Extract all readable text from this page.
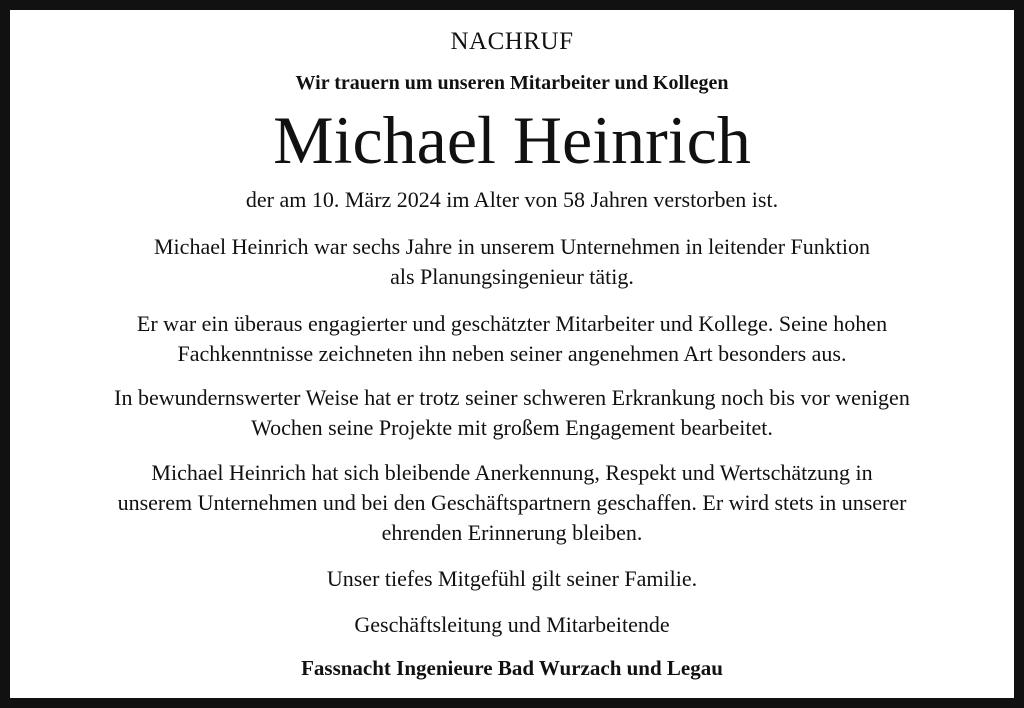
NACHRUF
Wir trauern um unseren Mitarbeiter und Kollegen
Michael Heinrich
der am 10. März 2024 im Alter von 58 Jahren verstorben ist.
Michael Heinrich war sechs Jahre in unserem Unternehmen in leitender Funktion
als Planungsingenieur tätig.
Er war ein überaus engagierter und geschätzter Mitarbeiter und Kollege. Seine hohen
Fachkenntnisse zeichneten ihn neben seiner angenehmen Art besonders aus.
In bewundernswerter Weise hat er trotz seiner schweren Erkrankung noch bis vor wenigen
Wochen seine Projekte mit großem Engagement bearbeitet.
Michael Heinrich hat sich bleibende Anerkennung, Respekt und Wertschätzung in
unserem Unternehmen und bei den Geschäftspartnern geschaffen. Er wird stets in unserer
ehrenden Erinnerung bleiben.
Unser tiefes Mitgefühl gilt seiner Familie.
Geschäftsleitung und Mitarbeitende
Fassnacht Ingenieure Bad Wurzach und Legau
